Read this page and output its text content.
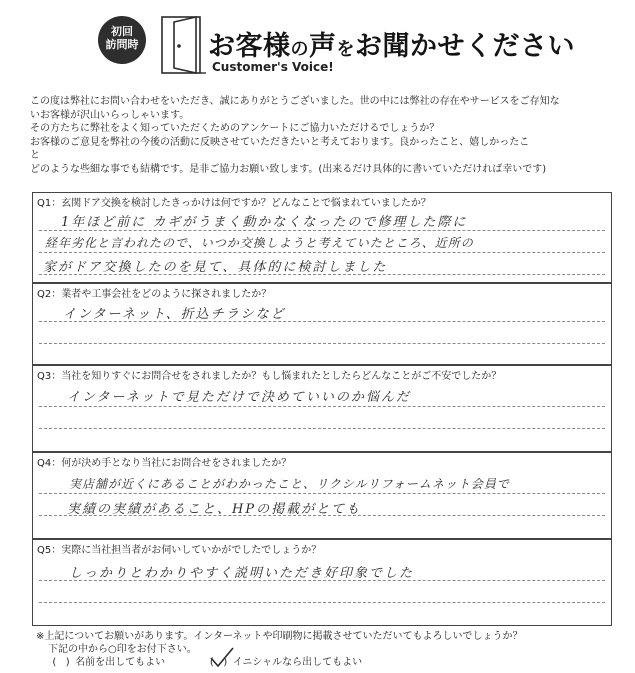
初回
訪問時	お客様の声をお聞かせください
Customer's Voice!

この度は弊社にお問い合わせをいただき、誠にありがとうございました。世の中には弊社の存在やサービスをご存知な

いお客様が沢山いらっしゃいます。

その方たちに弊社をよく知っていただくためのアンケートにご協力いただけるでしょうか？

お客様のご意見を弊社の今後の活動に反映させていただきたいと考えております。良かったこと、嬉しかったこ

と

どのような些細な事でも結構です。是非ご協力お願い致します。(出来るだけ具体的に書いていただければ幸いです)

Q1：玄関ドア交換を検討したきっかけは何ですか？どんなことで悩まれていましたか？
1年ほど前に カギがうまく動かなくなったので修理した際に
経年劣化と言われたので、いつか交換しようと考えていたところ、近所の
家がドア交換したのを見て、具体的に検討しました
Q2：業者や工事会社をどのように探されましたか？
インターネット、折込チラシなど
Q3：当社を知りすぐにお問合せをされましたか？もし悩まれたとしたらどんなことがご不安でしたか？
インターネットで見ただけで決めていいのか悩んだ
Q4：何が決め手となり当社にお問合せをされましたか？
実店舗が近くにあることがわかったこと、リクシルリフォームネット会員で
実績の実績があること、HPの掲載がとても
Q5：実際に当社担当者がお伺いしていかがでしたでしょうか？
しっかりとわかりやすく説明いただき好印象でした
※上記についてお願いがあります。インターネットや印刷物に掲載させていただいてもよろしいでしょうか？
下記の中から○印をお付下さい。
(   ) 名前を出してもよい	(   ) イニシャルなら出してもよい
